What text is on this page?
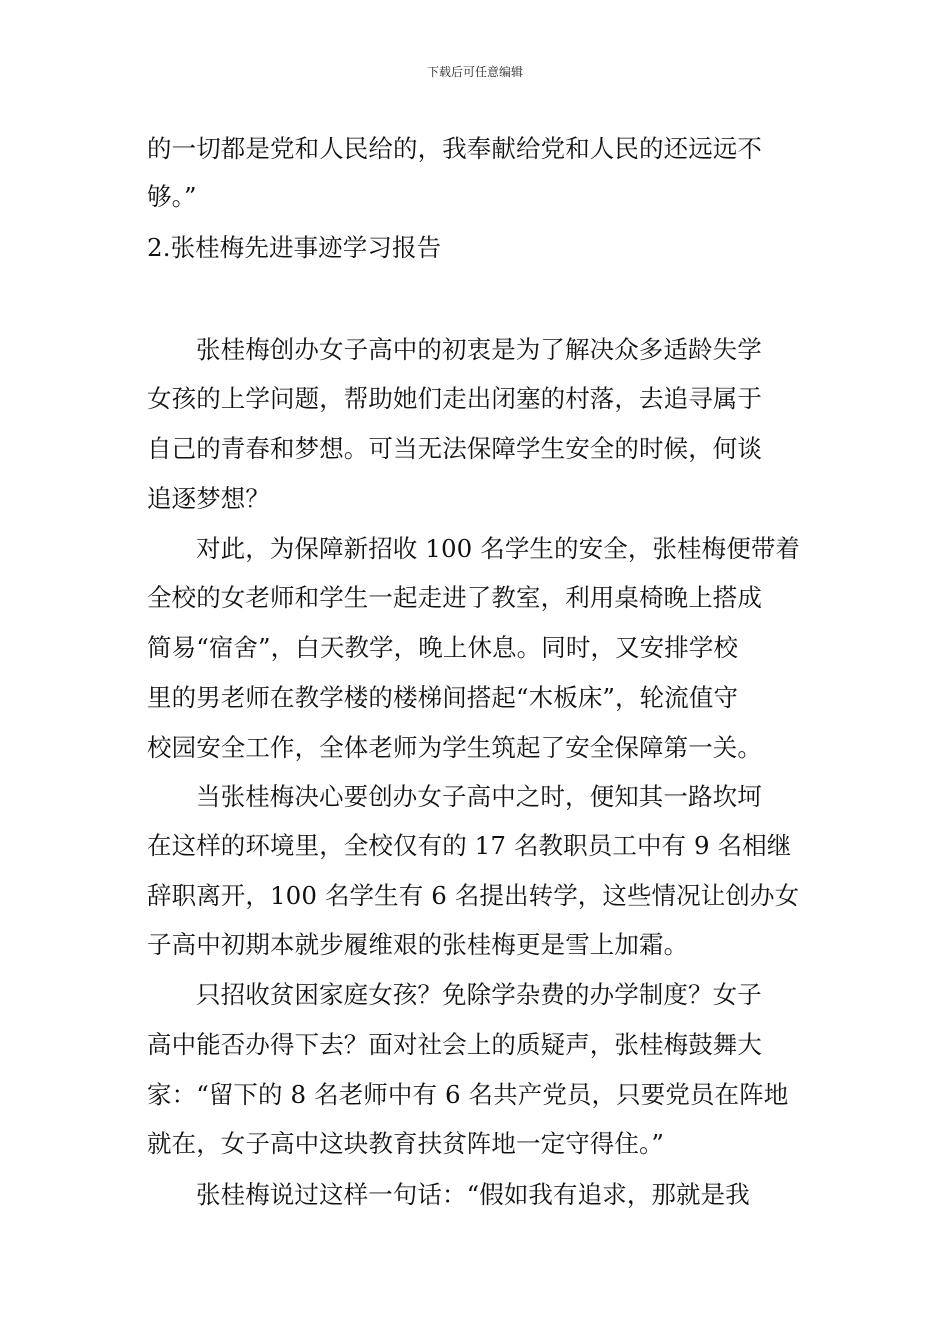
下载后可任意编辑
的一切都是党和人民给的，我奉献给党和人民的还远远不
够。”
2.张桂梅先进事迹学习报告
张桂梅创办女子高中的初衷是为了解决众多适龄失学
女孩的上学问题，帮助她们走出闭塞的村落，去追寻属于
自己的青春和梦想。可当无法保障学生安全的时候，何谈
追逐梦想？
对此，为保障新招收 100 名学生的安全，张桂梅便带着
全校的女老师和学生一起走进了教室，利用桌椅晚上搭成
简易“宿舍”，白天教学，晚上休息。同时，又安排学校
里的男老师在教学楼的楼梯间搭起“木板床”，轮流值守
校园安全工作，全体老师为学生筑起了安全保障第一关。
当张桂梅决心要创办女子高中之时，便知其一路坎坷
在这样的环境里，全校仅有的 17 名教职员工中有 9 名相继
辞职离开，100 名学生有 6 名提出转学，这些情况让创办女
子高中初期本就步履维艰的张桂梅更是雪上加霜。
只招收贫困家庭女孩？免除学杂费的办学制度？女子
高中能否办得下去？面对社会上的质疑声，张桂梅鼓舞大
家：“留下的 8 名老师中有 6 名共产党员，只要党员在阵地
就在，女子高中这块教育扶贫阵地一定守得住。”
张桂梅说过这样一句话：“假如我有追求，那就是我
